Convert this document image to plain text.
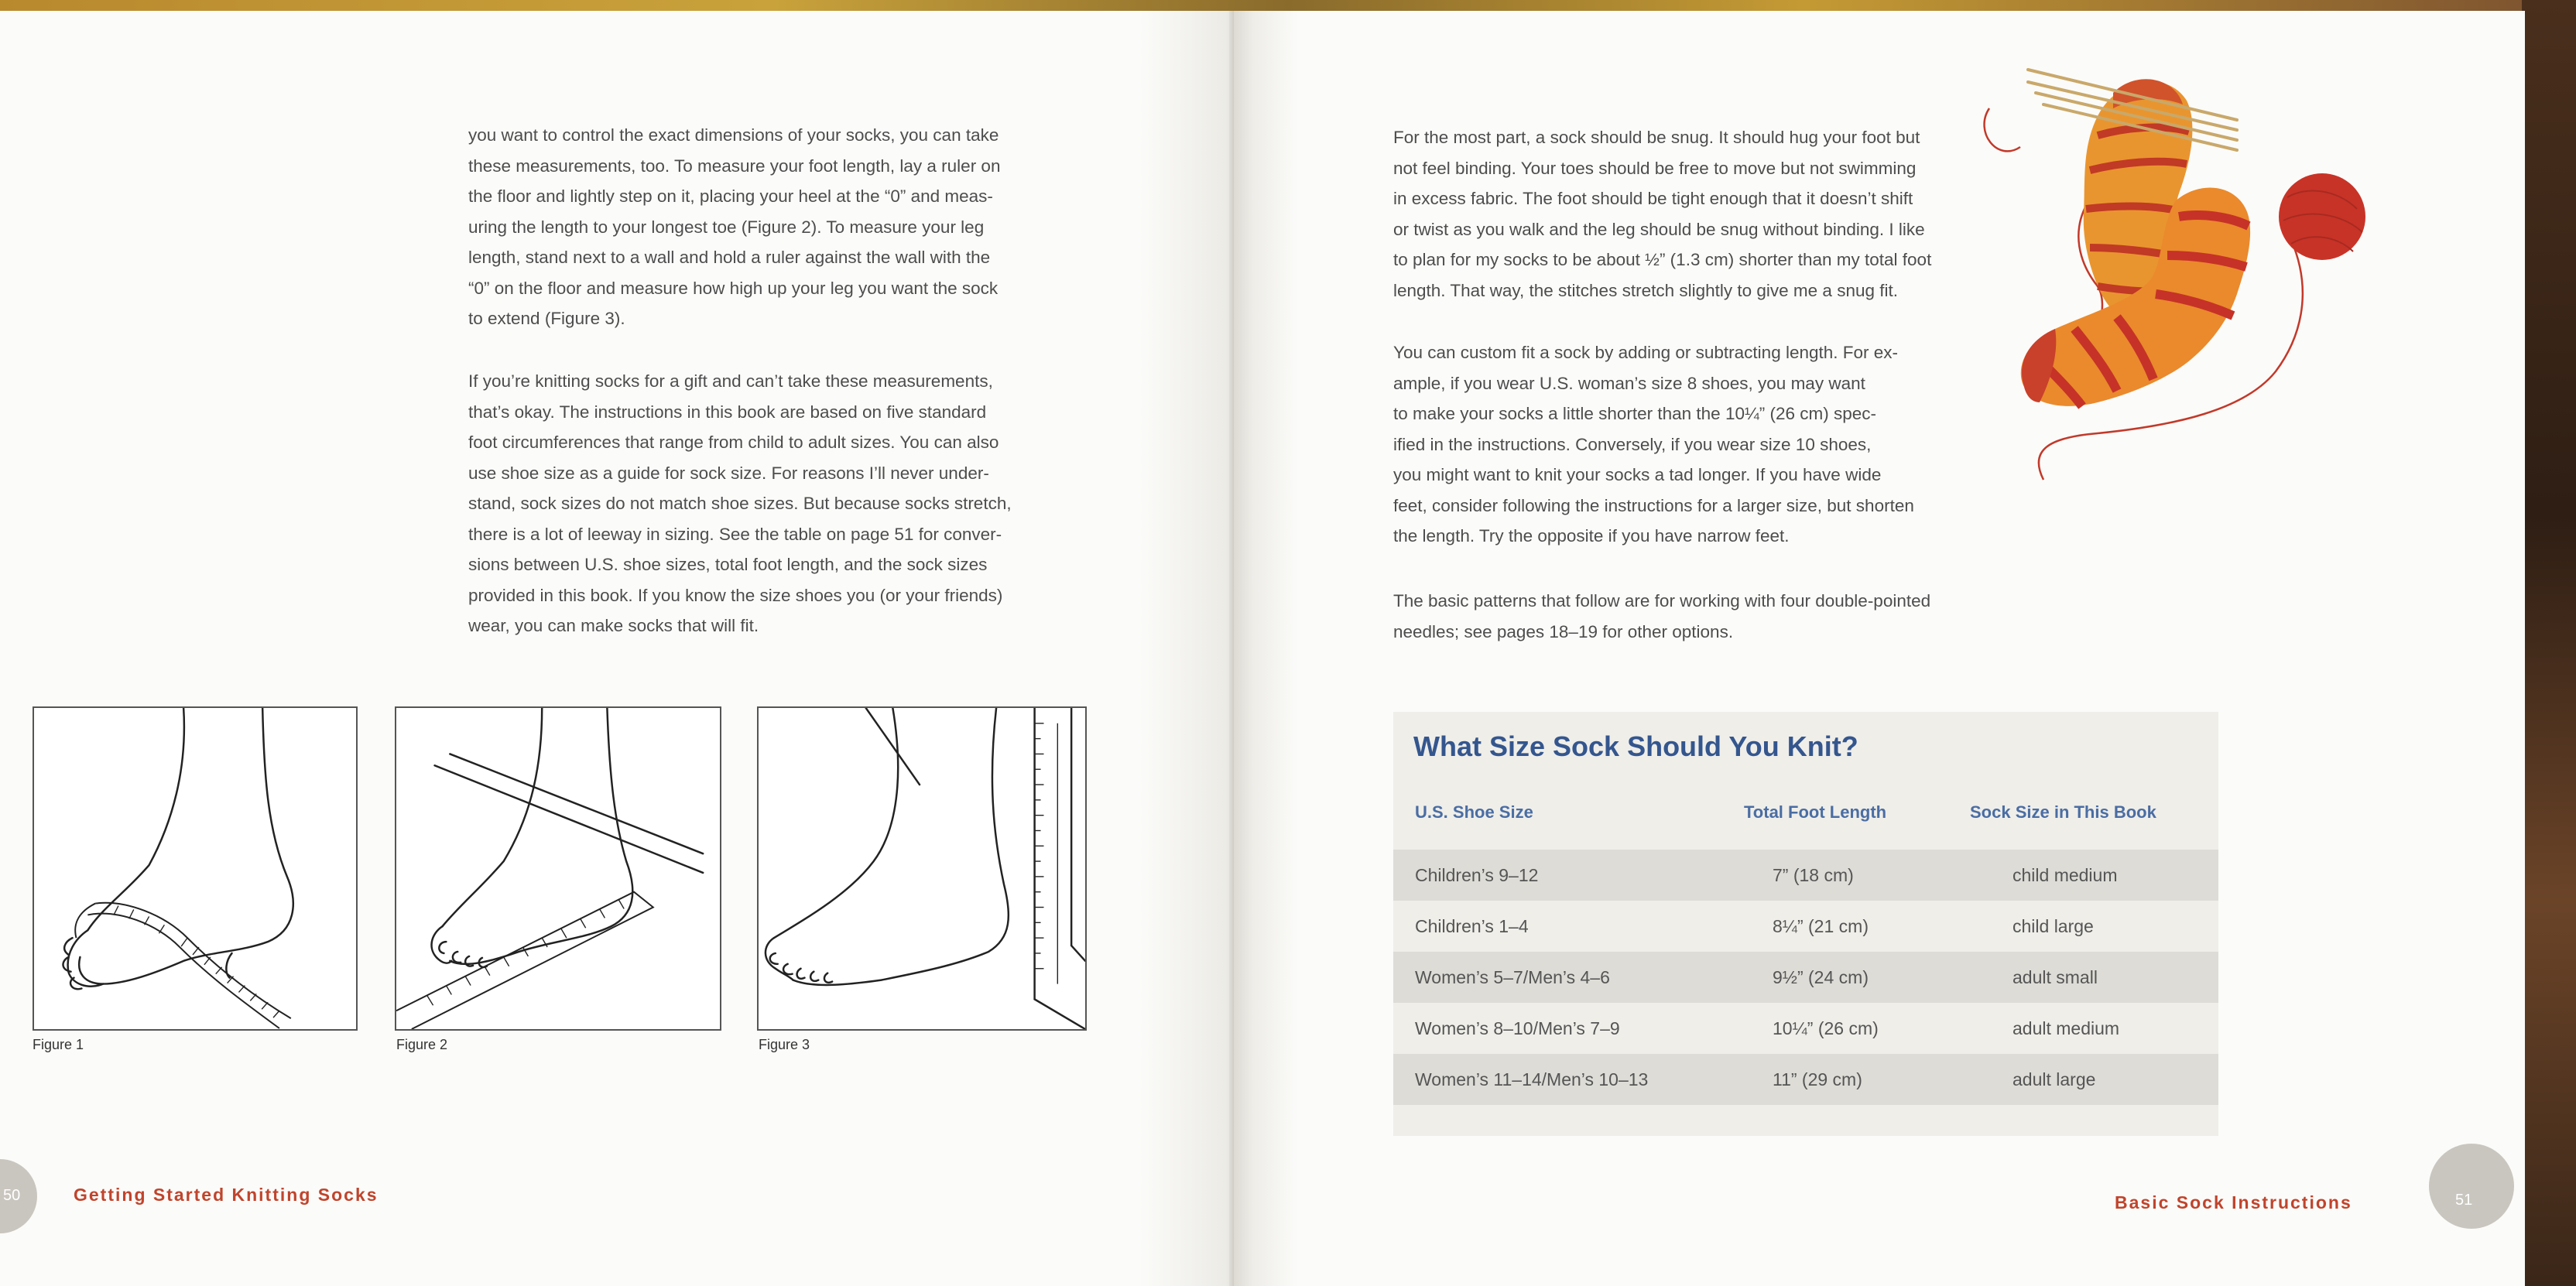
you want to control the exact dimensions of your socks, you can take

these measurements, too. To measure your foot length, lay a ruler on

the floor and lightly step on it, placing your heel at the “0” and meas-

uring the length to your longest toe (Figure 2). To measure your leg

length, stand next to a wall and hold a ruler against the wall with the

“0” on the floor and measure how high up your leg you want the sock

to extend (Figure 3).

If you’re knitting socks for a gift and can’t take these measurements,

that’s okay. The instructions in this book are based on five standard

foot circumferences that range from child to adult sizes. You can also

use shoe size as a guide for sock size. For reasons I’ll never under-

stand, sock sizes do not match shoe sizes. But because socks stretch,

there is a lot of leeway in sizing. See the table on page 51 for conver-

sions between U.S. shoe sizes, total foot length, and the sock sizes

provided in this book. If you know the size shoes you (or your friends)

wear, you can make socks that will fit.

Figure 1	Figure 2	Figure 3
50	Getting Started Knitting Socks

For the most part, a sock should be snug. It should hug your foot but

not feel binding. Your toes should be free to move but not swimming

in excess fabric. The foot should be tight enough that it doesn’t shift

or twist as you walk and the leg should be snug without binding. I like

to plan for my socks to be about ½” (1.3 cm) shorter than my total foot

length. That way, the stitches stretch slightly to give me a snug fit.

You can custom fit a sock by adding or subtracting length. For ex-

ample, if you wear U.S. woman’s size 8 shoes, you may want

to make your socks a little shorter than the 10¼” (26 cm) spec-

ified in the instructions. Conversely, if you wear size 10 shoes,

you might want to knit your socks a tad longer. If you have wide

feet, consider following the instructions for a larger size, but shorten

the length. Try the opposite if you have narrow feet.

The basic patterns that follow are for working with four double-pointed

needles; see pages 18–19 for other options.

What Size Sock Should You Knit?
U.S. Shoe Size	Total Foot Length	Sock Size in This Book
Children’s 9–12	7” (18 cm)	child medium
Children’s 1–4	8¼” (21 cm)	child large
Women’s 5–7/Men’s 4–6	9½” (24 cm)	adult small
Women’s 8–10/Men’s 7–9	10¼” (26 cm)	adult medium
Women’s 11–14/Men’s 10–13	11” (29 cm)	adult large
Basic Sock Instructions	51
